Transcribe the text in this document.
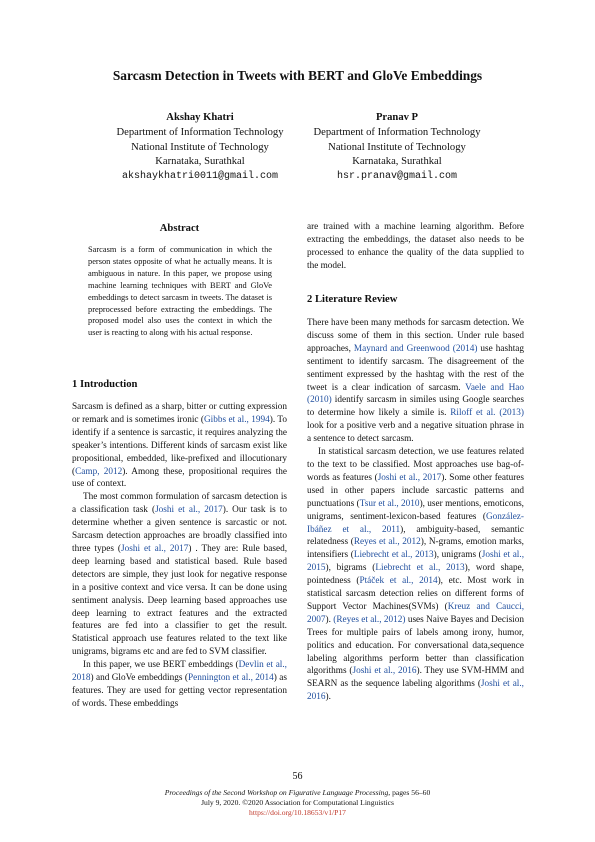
Sarcasm Detection in Tweets with BERT and GloVe Embeddings
Akshay Khatri
Department of Information Technology
National Institute of Technology
Karnataka, Surathkal
akshaykhatri0011@gmail.com
Pranav P
Department of Information Technology
National Institute of Technology
Karnataka, Surathkal
hsr.pranav@gmail.com
Abstract
Sarcasm is a form of communication in which the person states opposite of what he actually means. It is ambiguous in nature. In this paper, we propose using machine learning techniques with BERT and GloVe embeddings to detect sarcasm in tweets. The dataset is preprocessed before extracting the embeddings. The proposed model also uses the context in which the user is reacting to along with his actual response.
1 Introduction

Sarcasm is defined as a sharp, bitter or cutting expression or remark and is sometimes ironic (Gibbs et al., 1994). To identify if a sentence is sarcastic, it requires analyzing the speaker’s intentions. Different kinds of sarcasm exist like propositional, embedded, like-prefixed and illocutionary (Camp, 2012). Among these, propositional requires the use of context.

The most common formulation of sarcasm detection is a classification task (Joshi et al., 2017). Our task is to determine whether a given sentence is sarcastic or not. Sarcasm detection approaches are broadly classified into three types (Joshi et al., 2017) . They are: Rule based, deep learning based and statistical based. Rule based detectors are simple, they just look for negative response in a positive context and vice versa. It can be done using sentiment analysis. Deep learning based approaches use deep learning to extract features and the extracted features are fed into a classifier to get the result. Statistical approach use features related to the text like unigrams, bigrams etc and are fed to SVM classifier.

In this paper, we use BERT embeddings (Devlin et al., 2018) and GloVe embeddings (Pennington et al., 2014) as features. They are used for getting vector representation of words. These embeddings

are trained with a machine learning algorithm. Before extracting the embeddings, the dataset also needs to be processed to enhance the quality of the data supplied to the model.

2 Literature Review

There have been many methods for sarcasm detection. We discuss some of them in this section. Under rule based approaches, Maynard and Greenwood (2014) use hashtag sentiment to identify sarcasm. The disagreement of the sentiment expressed by the hashtag with the rest of the tweet is a clear indication of sarcasm. Vaele and Hao (2010) identify sarcasm in similes using Google searches to determine how likely a simile is. Riloff et al. (2013) look for a positive verb and a negative situation phrase in a sentence to detect sarcasm.

In statistical sarcasm detection, we use features related to the text to be classified. Most approaches use bag-of-words as features (Joshi et al., 2017). Some other features used in other papers include sarcastic patterns and punctuations (Tsur et al., 2010), user mentions, emoticons, unigrams, sentiment-lexicon-based features (González-Ibáñez et al., 2011), ambiguity-based, semantic relatedness (Reyes et al., 2012), N-grams, emotion marks, intensifiers (Liebrecht et al., 2013), unigrams (Joshi et al., 2015), bigrams (Liebrecht et al., 2013), word shape, pointedness (Ptáček et al., 2014), etc. Most work in statistical sarcasm detection relies on different forms of Support Vector Machines(SVMs) (Kreuz and Caucci, 2007). (Reyes et al., 2012) uses Naive Bayes and Decision Trees for multiple pairs of labels among irony, humor, politics and education. For conversational data,sequence labeling algorithms perform better than classification algorithms (Joshi et al., 2016). They use SVM-HMM and SEARN as the sequence labeling algorithms (Joshi et al., 2016).

56
Proceedings of the Second Workshop on Figurative Language Processing, pages 56–60
July 9, 2020. ©2020 Association for Computational Linguistics
https://doi.org/10.18653/v1/P17
